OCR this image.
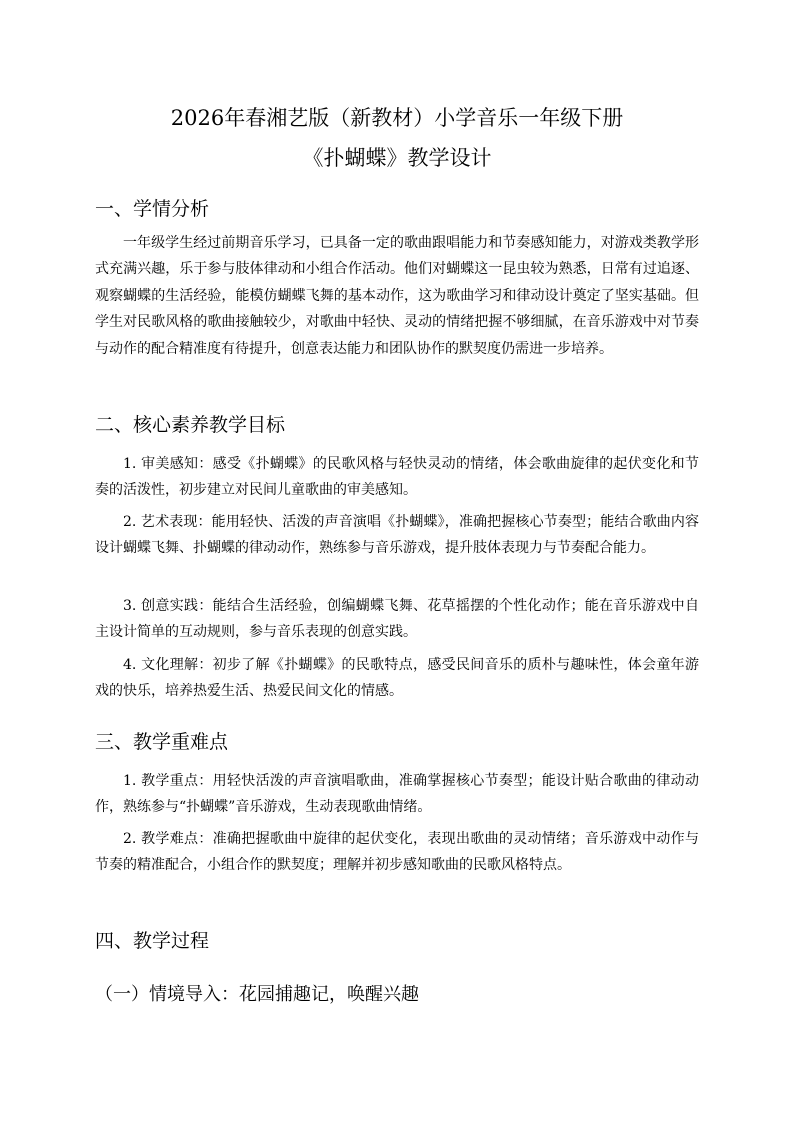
2026年春湘艺版（新教材）小学音乐一年级下册
《扑蝴蝶》教学设计
一、学情分析
一年级学生经过前期音乐学习，已具备一定的歌曲跟唱能力和节奏感知能力，对游戏类教学形式充满兴趣，乐于参与肢体律动和小组合作活动。他们对蝴蝶这一昆虫较为熟悉，日常有过追逐、观察蝴蝶的生活经验，能模仿蝴蝶飞舞的基本动作，这为歌曲学习和律动设计奠定了坚实基础。但学生对民歌风格的歌曲接触较少，对歌曲中轻快、灵动的情绪把握不够细腻，在音乐游戏中对节奏与动作的配合精准度有待提升，创意表达能力和团队协作的默契度仍需进一步培养。
二、核心素养教学目标
1. 审美感知：感受《扑蝴蝶》的民歌风格与轻快灵动的情绪，体会歌曲旋律的起伏变化和节奏的活泼性，初步建立对民间儿童歌曲的审美感知。
2. 艺术表现：能用轻快、活泼的声音演唱《扑蝴蝶》，准确把握核心节奏型；能结合歌曲内容设计蝴蝶飞舞、扑蝴蝶的律动动作，熟练参与音乐游戏，提升肢体表现力与节奏配合能力。
3. 创意实践：能结合生活经验，创编蝴蝶飞舞、花草摇摆的个性化动作；能在音乐游戏中自主设计简单的互动规则，参与音乐表现的创意实践。
4. 文化理解：初步了解《扑蝴蝶》的民歌特点，感受民间音乐的质朴与趣味性，体会童年游戏的快乐，培养热爱生活、热爱民间文化的情感。
三、教学重难点
1. 教学重点：用轻快活泼的声音演唱歌曲，准确掌握核心节奏型；能设计贴合歌曲的律动动作，熟练参与“扑蝴蝶”音乐游戏，生动表现歌曲情绪。
2. 教学难点：准确把握歌曲中旋律的起伏变化，表现出歌曲的灵动情绪；音乐游戏中动作与节奏的精准配合，小组合作的默契度；理解并初步感知歌曲的民歌风格特点。
四、教学过程
（一）情境导入：花园捕趣记，唤醒兴趣
